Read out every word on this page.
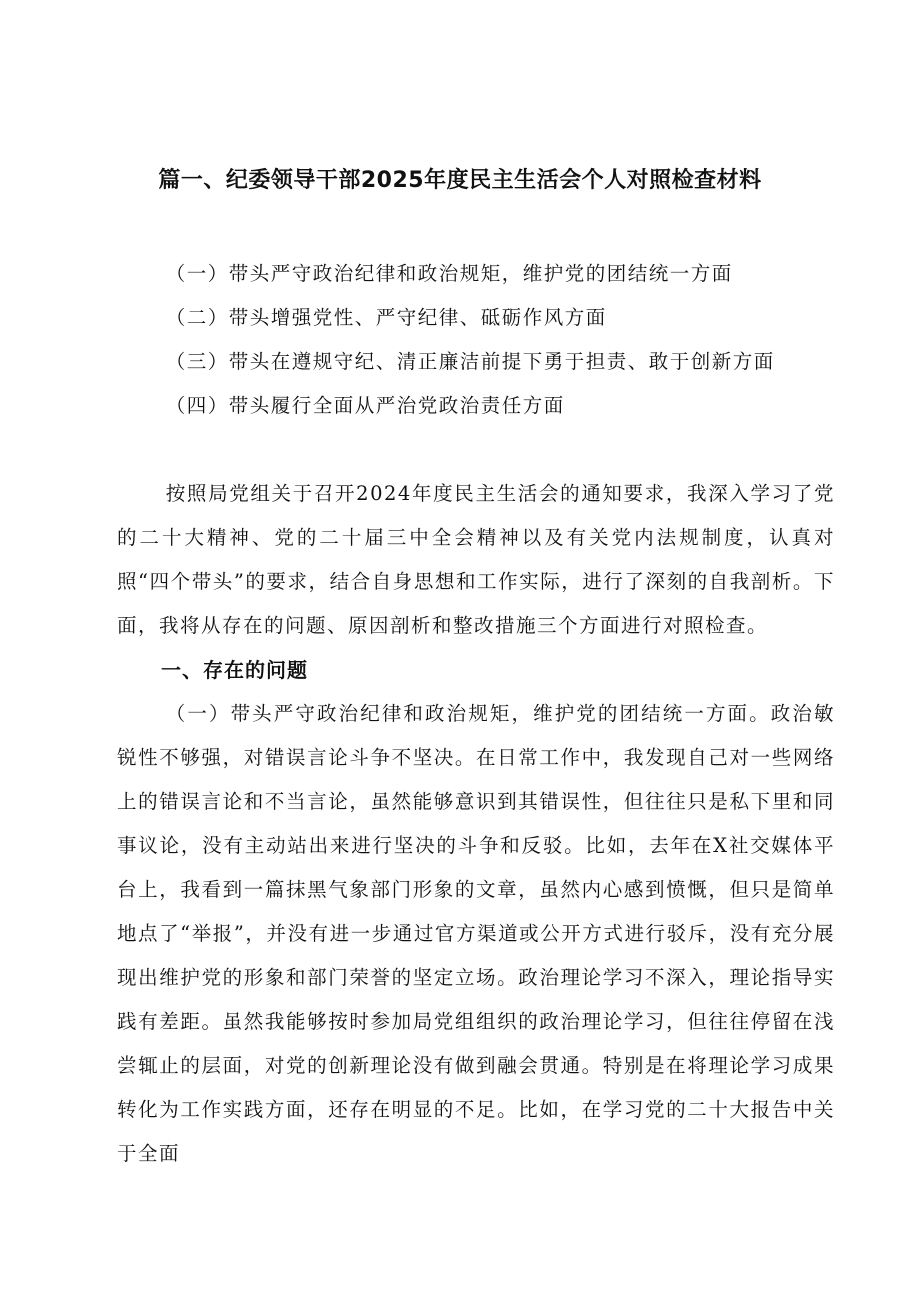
篇一、纪委领导干部2025年度民主生活会个人对照检查材料

（一）带头严守政治纪律和政治规矩，维护党的团结统一方面

（二）带头增强党性、严守纪律、砥砺作风方面

（三）带头在遵规守纪、清正廉洁前提下勇于担责、敢于创新方面

（四）带头履行全面从严治党政治责任方面

按照局党组关于召开2024年度民主生活会的通知要求，我深入学习了党的二十大精神、党的二十届三中全会精神以及有关党内法规制度，认真对照“四个带头”的要求，结合自身思想和工作实际，进行了深刻的自我剖析。下面，我将从存在的问题、原因剖析和整改措施三个方面进行对照检查。

一、存在的问题

（一）带头严守政治纪律和政治规矩，维护党的团结统一方面。政治敏锐性不够强，对错误言论斗争不坚决。在日常工作中，我发现自己对一些网络上的错误言论和不当言论，虽然能够意识到其错误性，但往往只是私下里和同事议论，没有主动站出来进行坚决的斗争和反驳。比如，去年在X社交媒体平台上，我看到一篇抹黑气象部门形象的文章，虽然内心感到愤慨，但只是简单地点了“举报”，并没有进一步通过官方渠道或公开方式进行驳斥，没有充分展现出维护党的形象和部门荣誉的坚定立场。政治理论学习不深入，理论指导实践有差距。虽然我能够按时参加局党组组织的政治理论学习，但往往停留在浅尝辄止的层面，对党的创新理论没有做到融会贯通。特别是在将理论学习成果转化为工作实践方面，还存在明显的不足。比如，在学习党的二十大报告中关于全面
